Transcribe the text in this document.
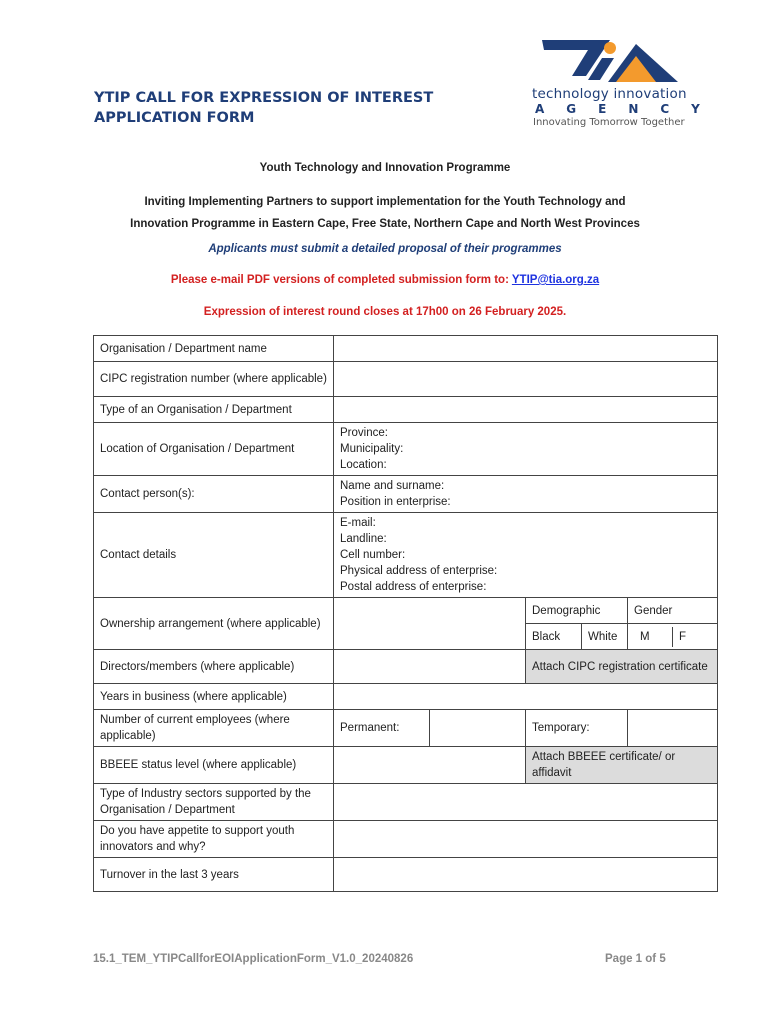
YTIP CALL FOR EXPRESSION OF INTEREST
APPLICATION FORM
technology innovation
AGENCY
Innovating Tomorrow Together
Youth Technology and Innovation Programme
Inviting Implementing Partners to support implementation for the Youth Technology and
Innovation Programme in Eastern Cape, Free State, Northern Cape and North West Provinces
Applicants must submit a detailed proposal of their programmes
Please e-mail PDF versions of completed submission form to: YTIP@tia.org.za
Expression of interest round closes at 17h00 on 26 February 2025.
Organisation / Department name	
CIPC registration number (where applicable)	
Type of an Organisation / Department	
Location of Organisation / Department	
Province:
Municipality:
Location:

Contact person(s):	
Name and surname:
Position in enterprise:

Contact details	
E-mail:
Landline:
Cell number:
Physical address of enterprise:
Postal address of enterprise:

Ownership arrangement (where applicable)		Demographic	Gender
Black	White	M	F

Directors/members (where applicable)		Attach CIPC registration certificate
Years in business (where applicable)	
Number of current employees (where applicable)	Permanent:		Temporary:	
BBEEE status level (where applicable)		Attach BBEEE certificate/ or affidavit
Type of Industry sectors supported by the Organisation / Department	
Do you have appetite to support youth innovators and why?	
Turnover in the last 3 years	
15.1_TEM_YTIPCallforEOIApplicationForm_V1.0_20240826	Page 1 of 5
